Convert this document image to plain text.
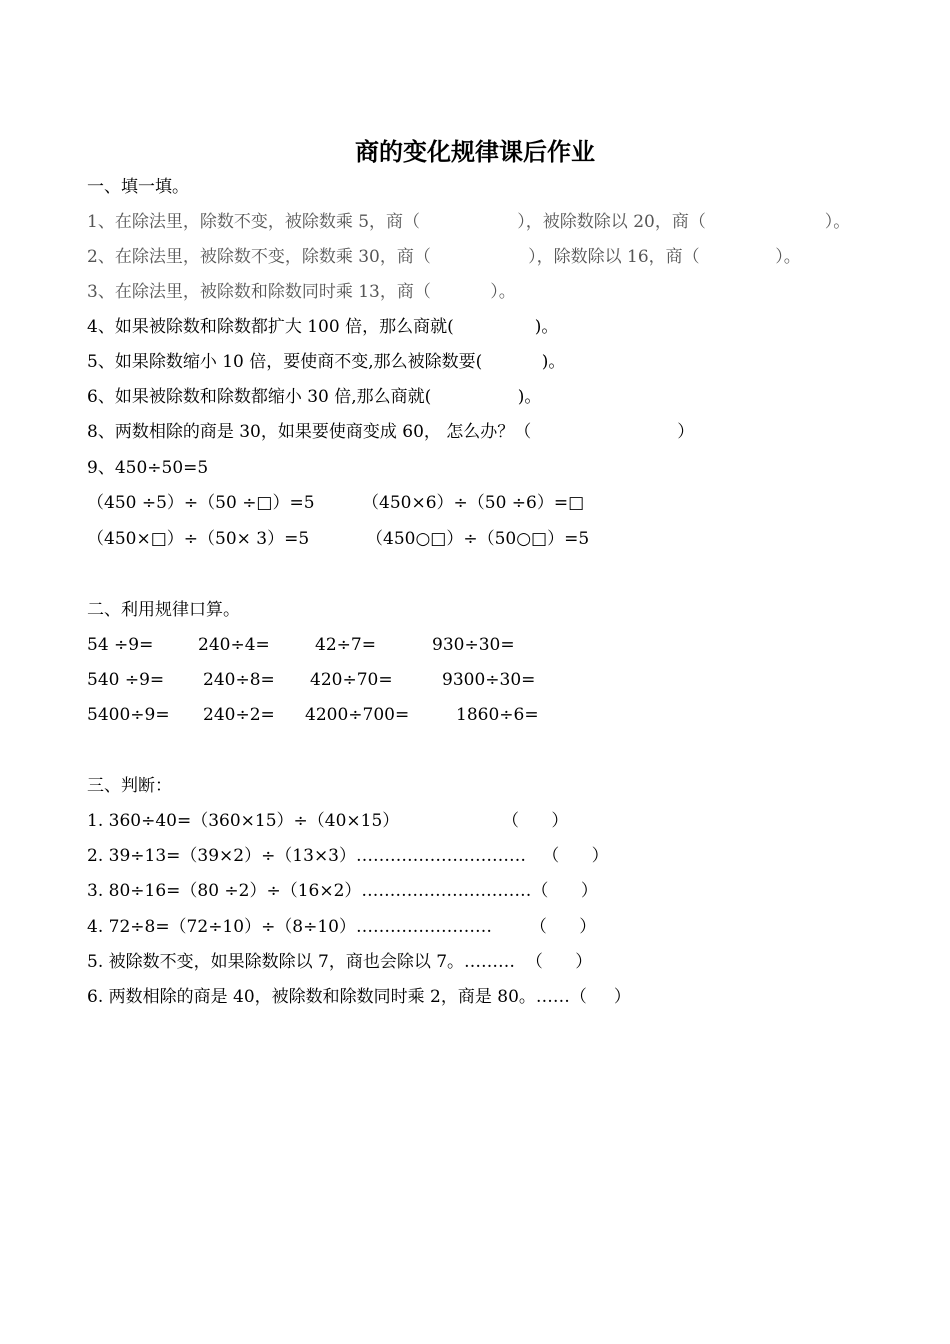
商的变化规律课后作业
一、填一填。
1、在除法里，除数不变，被除数乘 5，商（                  ），被除数除以 20，商（                      ）。
2、在除法里，被除数不变，除数乘 30，商（                  ），除数除以 16，商（              ）。
3、在除法里，被除数和除数同时乘 13，商（           ）。
4、如果被除数和除数都扩大 100 倍，那么商就(               )。
5、如果除数缩小 10 倍，要使商不变,那么被除数要(           )。
6、如果被除数和除数都缩小 30 倍,那么商就(                )。
8、两数相除的商是 30，如果要使商变成 60， 怎么办？（                           ）
9、450÷50=5
（450 ÷5）÷（50 ÷□）=5	（450×6）÷（50 ÷6）=□
（450×□）÷（50× 3）=5	（450○□）÷（50○□）=5
二、利用规律口算。
54 ÷9=	240÷4=	42÷7=	930÷30=
540 ÷9= 240÷8= 420÷70=	9300÷30=
5400÷9= 240÷2= 4200÷700=	1860÷6=
三、判断：
1. 360÷40=（360×15）÷（40×15）                   （      ）
2. 39÷13=（39×2）÷（13×3）…………………………   （      ）
3. 80÷16=（80 ÷2）÷（16×2）…………………………（      ）
4. 72÷8=（72÷10）÷（8÷10）……………………       （      ）
5. 被除数不变，如果除数除以 7，商也会除以 7。………  （      ）
6. 两数相除的商是 40，被除数和除数同时乘 2，商是 80。……（     ）
